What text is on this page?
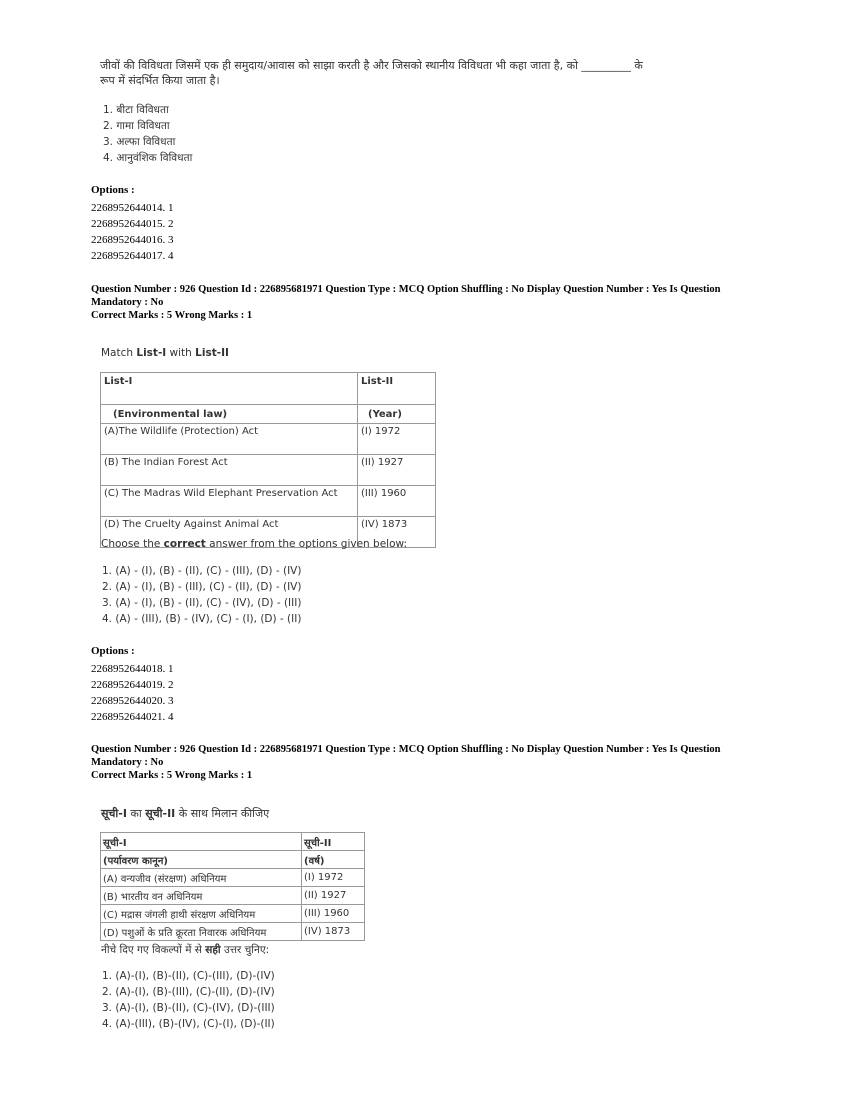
जीवों की विविधता जिसमें एक ही समुदाय/आवास को साझा करती है और जिसको स्थानीय विविधता भी कहा जाता है, को _________ के
रूप में संदर्भित किया जाता है।
1. बीटा विविधता
2. गामा विविधता
3. अल्फा विविधता
4. आनुवंशिक विविधता
Options :
2268952644014. 1
2268952644015. 2
2268952644016. 3
2268952644017. 4
Question Number : 926 Question Id : 226895681971 Question Type : MCQ Option Shuffling : No Display Question Number : Yes Is Question
Mandatory : No
Correct Marks : 5 Wrong Marks : 1
Match List-I with List-II
List-I	List-II
(Environmental law)	(Year)
(A)The Wildlife (Protection) Act	(I) 1972
(B) The Indian Forest Act	(II) 1927
(C) The Madras Wild Elephant Preservation Act	(III) 1960
(D) The Cruelty Against Animal Act	(IV) 1873
Choose the correct answer from the options given below:
1. (A) - (I), (B) - (II), (C) - (III), (D) - (IV)
2. (A) - (I), (B) - (III), (C) - (II), (D) - (IV)
3. (A) - (I), (B) - (II), (C) - (IV), (D) - (III)
4. (A) - (III), (B) - (IV), (C) - (I), (D) - (II)
Options :
2268952644018. 1
2268952644019. 2
2268952644020. 3
2268952644021. 4
Question Number : 926 Question Id : 226895681971 Question Type : MCQ Option Shuffling : No Display Question Number : Yes Is Question
Mandatory : No
Correct Marks : 5 Wrong Marks : 1
सूची-I का सूची-II के साथ मिलान कीजिए
सूची-I	सूची-II
(पर्यावरण कानून)	(वर्ष)
(A) वन्यजीव (संरक्षण) अधिनियम	(I) 1972
(B) भारतीय वन अधिनियम	(II) 1927
(C) मद्रास जंगली हाथी संरक्षण अधिनियम	(III) 1960
(D) पशुओं के प्रति क्रूरता निवारक अधिनियम	(IV) 1873
नीचे दिए गए विकल्पों में से सही उत्तर चुनिए:
1. (A)-(I), (B)-(II), (C)-(III), (D)-(IV)
2. (A)-(I), (B)-(III), (C)-(II), (D)-(IV)
3. (A)-(I), (B)-(II), (C)-(IV), (D)-(III)
4. (A)-(III), (B)-(IV), (C)-(I), (D)-(II)
